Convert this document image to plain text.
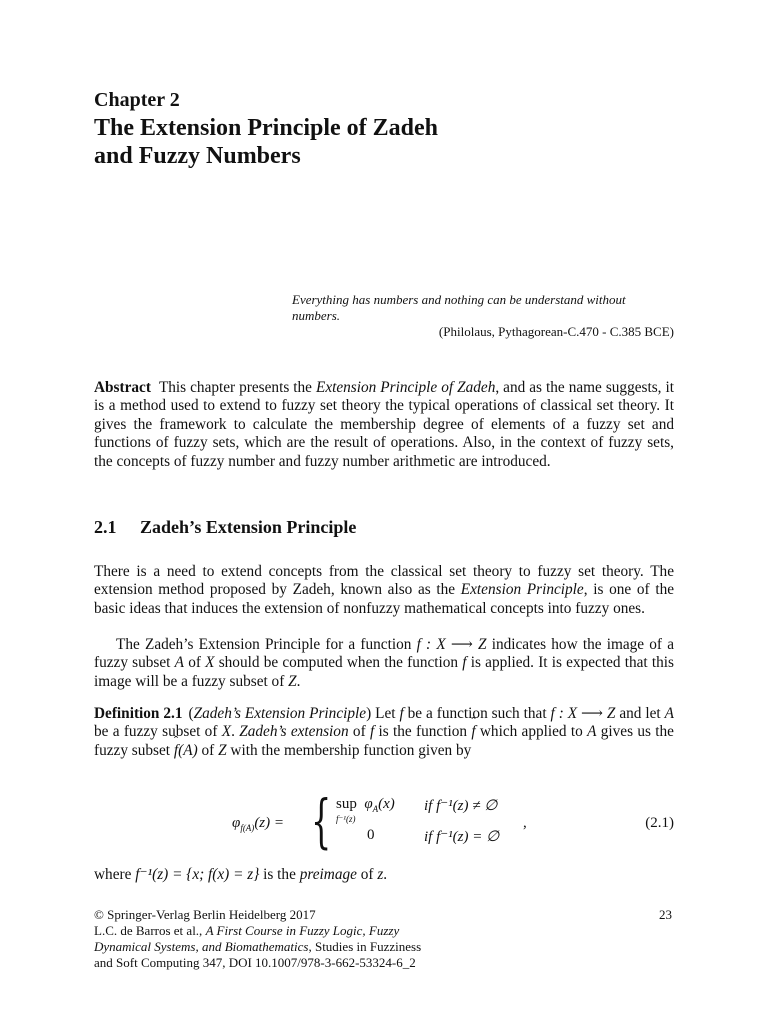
Chapter 2
The Extension Principle of Zadeh
and Fuzzy Numbers
Everything has numbers and nothing can be understand without numbers.
(Philolaus, Pythagorean-C.470 - C.385 BCE)
Abstract This chapter presents the Extension Principle of Zadeh, and as the name suggests, it is a method used to extend to fuzzy set theory the typical operations of classical set theory. It gives the framework to calculate the membership degree of elements of a fuzzy set and functions of fuzzy sets, which are the result of operations. Also, in the context of fuzzy sets, the concepts of fuzzy number and fuzzy number arithmetic are introduced.
2.1 Zadeh’s Extension Principle
There is a need to extend concepts from the classical set theory to fuzzy set theory. The extension method proposed by Zadeh, known also as the Extension Principle, is one of the basic ideas that induces the extension of nonfuzzy mathematical concepts into fuzzy ones.
The Zadeh’s Extension Principle for a function f : X ⟶ Z indicates how the image of a fuzzy subset A of X should be computed when the function f is applied. It is expected that this image will be a fuzzy subset of Z.
Definition 2.1 (Zadeh’s Extension Principle) Let f be a function such that f : X ⟶ Z and let A be a fuzzy subset of X. Zadeh’s extension of f is the function ˆ f which applied to A gives us the fuzzy subset ˆ f(A) of Z with the membership function given by
$\varphi_{f(A)}(z)$ = { sup $\varphi_A(x)$
f⁻¹(z)
0
if f⁻¹(z) ≠ ∅
if f⁻¹(z) = ∅
,	(2.1)
where f⁻¹(z) = {x; f(x) = z} is the preimage of z.
23
© Springer-Verlag Berlin Heidelberg 2017
L.C. de Barros et al., A First Course in Fuzzy Logic, Fuzzy
Dynamical Systems, and Biomathematics, Studies in Fuzziness
and Soft Computing 347, DOI 10.1007/978-3-662-53324-6_2
